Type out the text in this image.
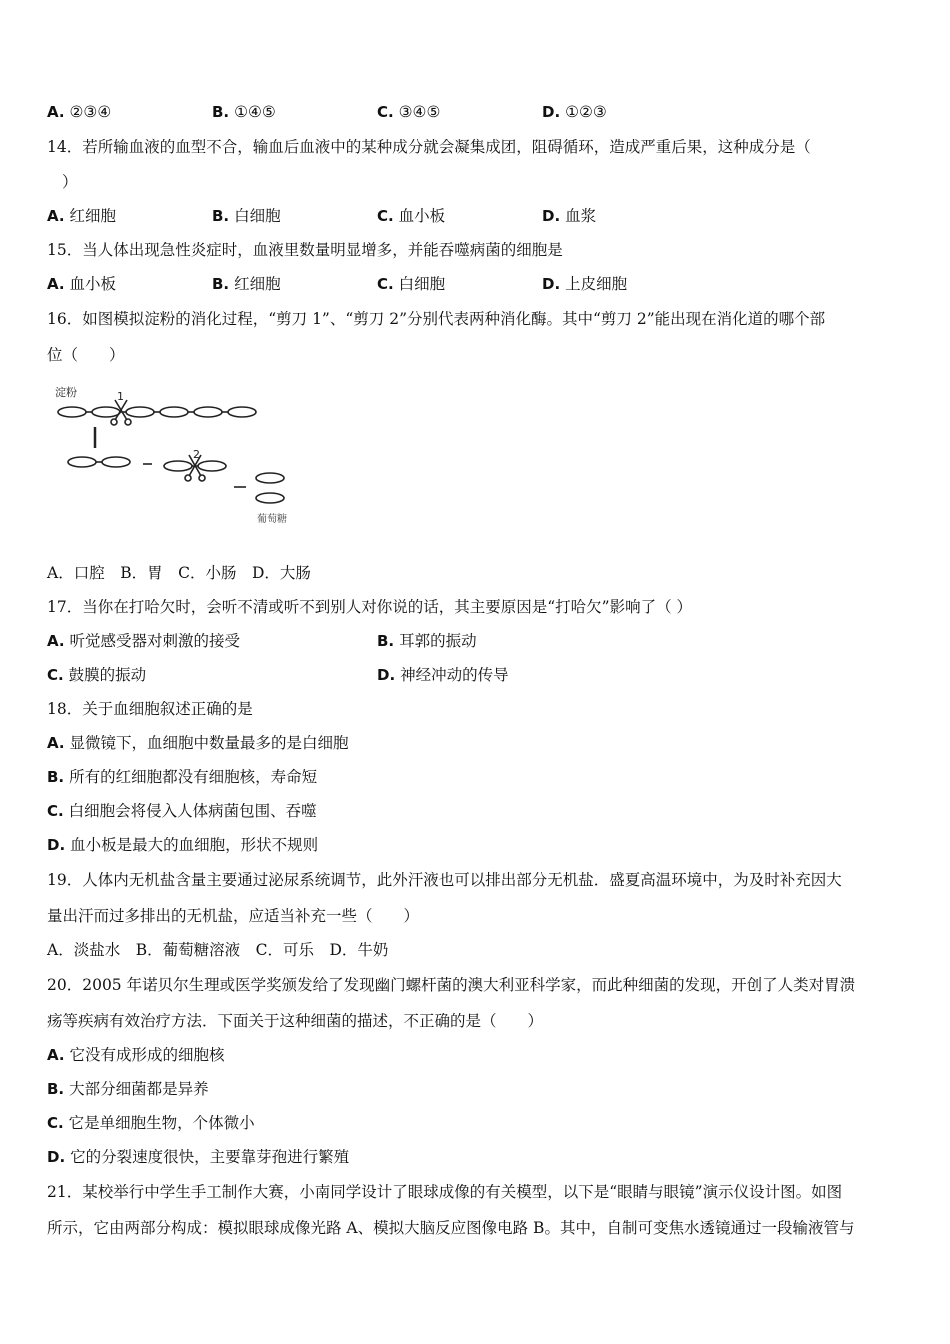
A. ②③④	B. ①④⑤	C. ③④⑤	D. ①②③
14．若所输血液的血型不合，输血后血液中的某种成分就会凝集成团，阻碍循环，造成严重后果，这种成分是（
）
A. 红细胞	B. 白细胞	C. 血小板	D. 血浆
15．当人体出现急性炎症时，血液里数量明显增多，并能吞噬病菌的细胞是
A. 血小板	B. 红细胞	C. 白细胞	D. 上皮细胞
16．如图模拟淀粉的消化过程，“剪刀 1”、“剪刀 2”分别代表两种消化酶。其中“剪刀 2”能出现在消化道的哪个部
位（　　）
淀粉	1
2
葡萄糖
A．口腔　B．胃　C．小肠　D．大肠
17．当你在打哈欠时，会听不清或听不到别人对你说的话，其主要原因是“打哈欠”影响了（ ）
A. 听觉感受器对刺激的接受	B. 耳郭的振动
C. 鼓膜的振动	D. 神经冲动的传导
18．关于血细胞叙述正确的是
A. 显微镜下，血细胞中数量最多的是白细胞
B. 所有的红细胞都没有细胞核，寿命短
C. 白细胞会将侵入人体病菌包围、吞噬
D. 血小板是最大的血细胞，形状不规则
19．人体内无机盐含量主要通过泌尿系统调节，此外汗液也可以排出部分无机盐．盛夏高温环境中，为及时补充因大
量出汗而过多排出的无机盐，应适当补充一些（　　）
A．淡盐水　B．葡萄糖溶液　C．可乐　D．牛奶
20．2005 年诺贝尔生理或医学奖颁发给了发现幽门螺杆菌的澳大利亚科学家，而此种细菌的发现，开创了人类对胃溃
疡等疾病有效治疗方法．下面关于这种细菌的描述，不正确的是（　　）
A. 它没有成形成的细胞核
B. 大部分细菌都是异养
C. 它是单细胞生物，个体微小
D. 它的分裂速度很快，主要靠芽孢进行繁殖
21．某校举行中学生手工制作大赛，小南同学设计了眼球成像的有关模型，以下是“眼睛与眼镜”演示仪设计图。如图
所示，它由两部分构成：模拟眼球成像光路 A、模拟大脑反应图像电路 B。其中，自制可变焦水透镜通过一段输液管与
